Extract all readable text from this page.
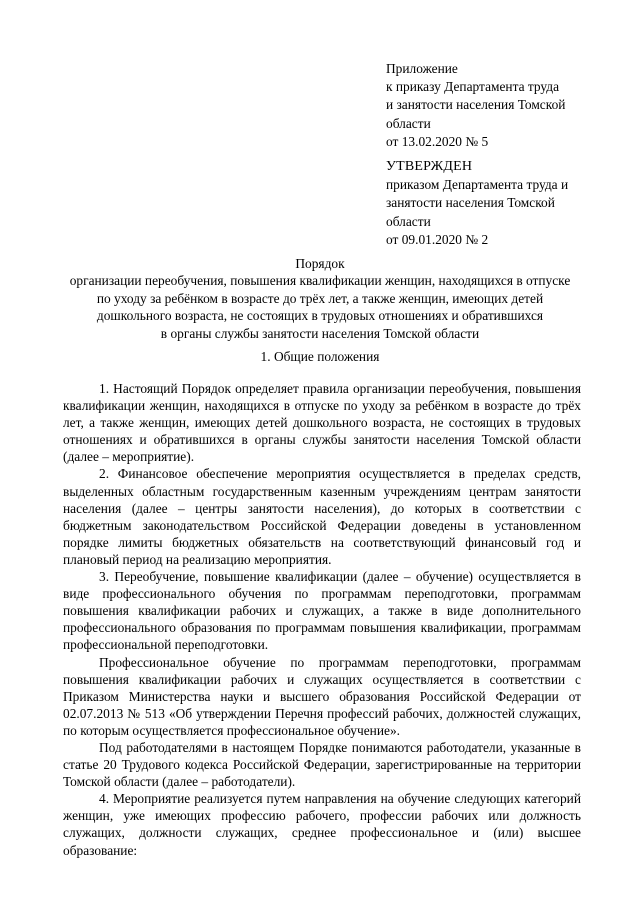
Приложение
к приказу Департамента труда
и занятости населения Томской
области
от 13.02.2020 № 5
УТВЕРЖДЕН
приказом Департамента труда и
занятости населения Томской
области
от 09.01.2020 № 2
Порядок
организации переобучения, повышения квалификации женщин, находящихся в отпуске
по уходу за ребёнком в возрасте до трёх лет, а также женщин, имеющих детей
дошкольного возраста, не состоящих в трудовых отношениях и обратившихся
в органы службы занятости населения Томской области
1. Общие положения

1. Настоящий Порядок определяет правила организации переобучения, повышения квалификации женщин, находящихся в отпуске по уходу за ребёнком в возрасте до трёх лет, а также женщин, имеющих детей дошкольного возраста, не состоящих в трудовых отношениях и обратившихся в органы службы занятости населения Томской области (далее – мероприятие).

2. Финансовое обеспечение мероприятия осуществляется в пределах средств, выделенных областным государственным казенным учреждениям центрам занятости населения (далее – центры занятости населения), до которых в соответствии с бюджетным законодательством Российской Федерации доведены в установленном порядке лимиты бюджетных обязательств на соответствующий финансовый год и плановый период на реализацию мероприятия.

3. Переобучение, повышение квалификации (далее – обучение) осуществляется в виде профессионального обучения по программам переподготовки, программам повышения квалификации рабочих и служащих, а также в виде дополнительного профессионального образования по программам повышения квалификации, программам профессиональной переподготовки.

Профессиональное обучение по программам переподготовки, программам повышения квалификации рабочих и служащих осуществляется в соответствии с Приказом Министерства науки и высшего образования Российской Федерации от 02.07.2013 № 513 «Об утверждении Перечня профессий рабочих, должностей служащих, по которым осуществляется профессиональное обучение».

Под работодателями в настоящем Порядке понимаются работодатели, указанные в статье 20 Трудового кодекса Российской Федерации, зарегистрированные на территории Томской области (далее – работодатели).

4. Мероприятие реализуется путем направления на обучение следующих категорий женщин, уже имеющих профессию рабочего, профессии рабочих или должность служащих, должности служащих, среднее профессиональное и (или) высшее образование:
